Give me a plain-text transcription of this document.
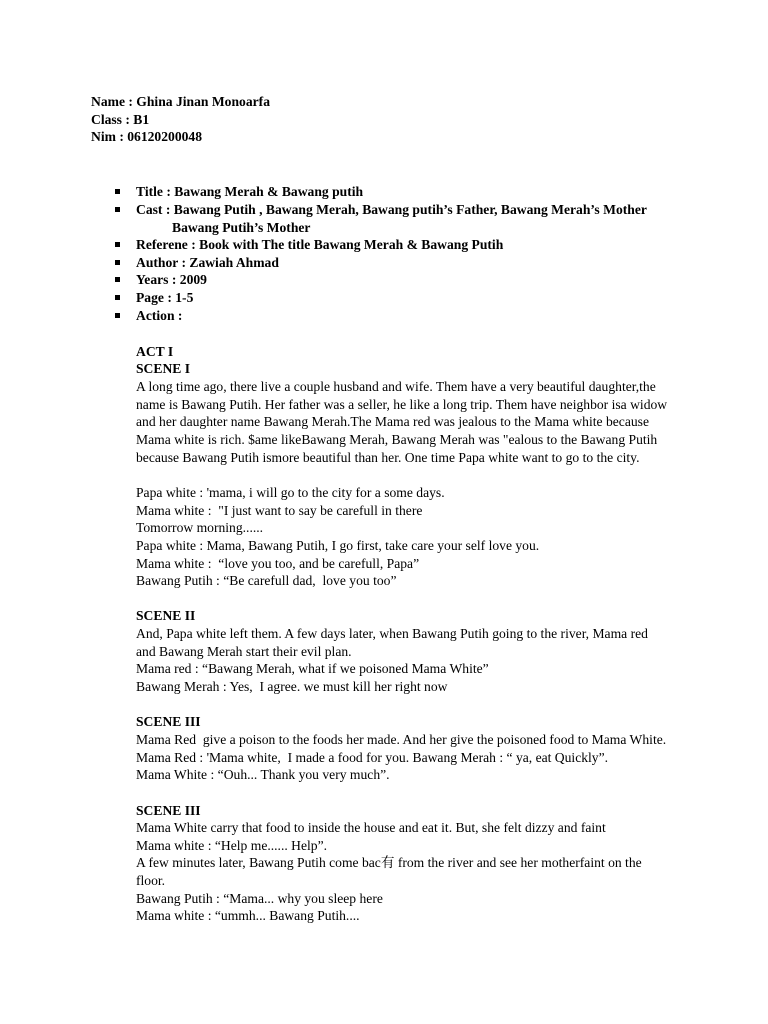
Name : Ghina Jinan Monoarfa
Class : B1
Nim : 06120200048
Title : Bawang Merah & Bawang putih
Cast : Bawang Putih , Bawang Merah, Bawang putih’s Father, Bawang Merah’s Mother
Bawang Putih’s Mother
Referene : Book with The title Bawang Merah & Bawang Putih
Author : Zawiah Ahmad
Years : 2009
Page : 1-5
Action :
ACT I
SCENE I
A long time ago, there live a couple husband and wife. Them have a very beautiful daughter,the
name is Bawang Putih. Her father was a seller, he like a long trip. Them have neighbor isa widow
and her daughter name Bawang Merah.The Mama red was jealous to the Mama white because
Mama white is rich. $ame likeBawang Merah, Bawang Merah was "ealous to the Bawang Putih
because Bawang Putih ismore beautiful than her. One time Papa white want to go to the city.
Papa white : 'mama, i will go to the city for a some days.
Mama white :  "I just want to say be carefull in there
Tomorrow morning......
Papa white : Mama, Bawang Putih, I go first, take care your self love you.
Mama white :  “love you too, and be carefull, Papa”
Bawang Putih : “Be carefull dad,  love you too”
SCENE II
And, Papa white left them. A few days later, when Bawang Putih going to the river, Mama red
and Bawang Merah start their evil plan.
Mama red : “Bawang Merah, what if we poisoned Mama White”
Bawang Merah : Yes,  I agree. we must kill her right now
SCENE III
Mama Red  give a poison to the foods her made. And her give the poisoned food to Mama White.
Mama Red : 'Mama white,  I made a food for you. Bawang Merah : “ ya, eat Quickly”.
Mama White : “Ouh... Thank you very much”.
SCENE III
Mama White carry that food to inside the house and eat it. But, she felt dizzy and faint
Mama white : “Help me...... Help”.
A few minutes later, Bawang Putih come bac有 from the river and see her motherfaint on the
floor.
Bawang Putih : “Mama... why you sleep here
Mama white : “ummh... Bawang Putih....
